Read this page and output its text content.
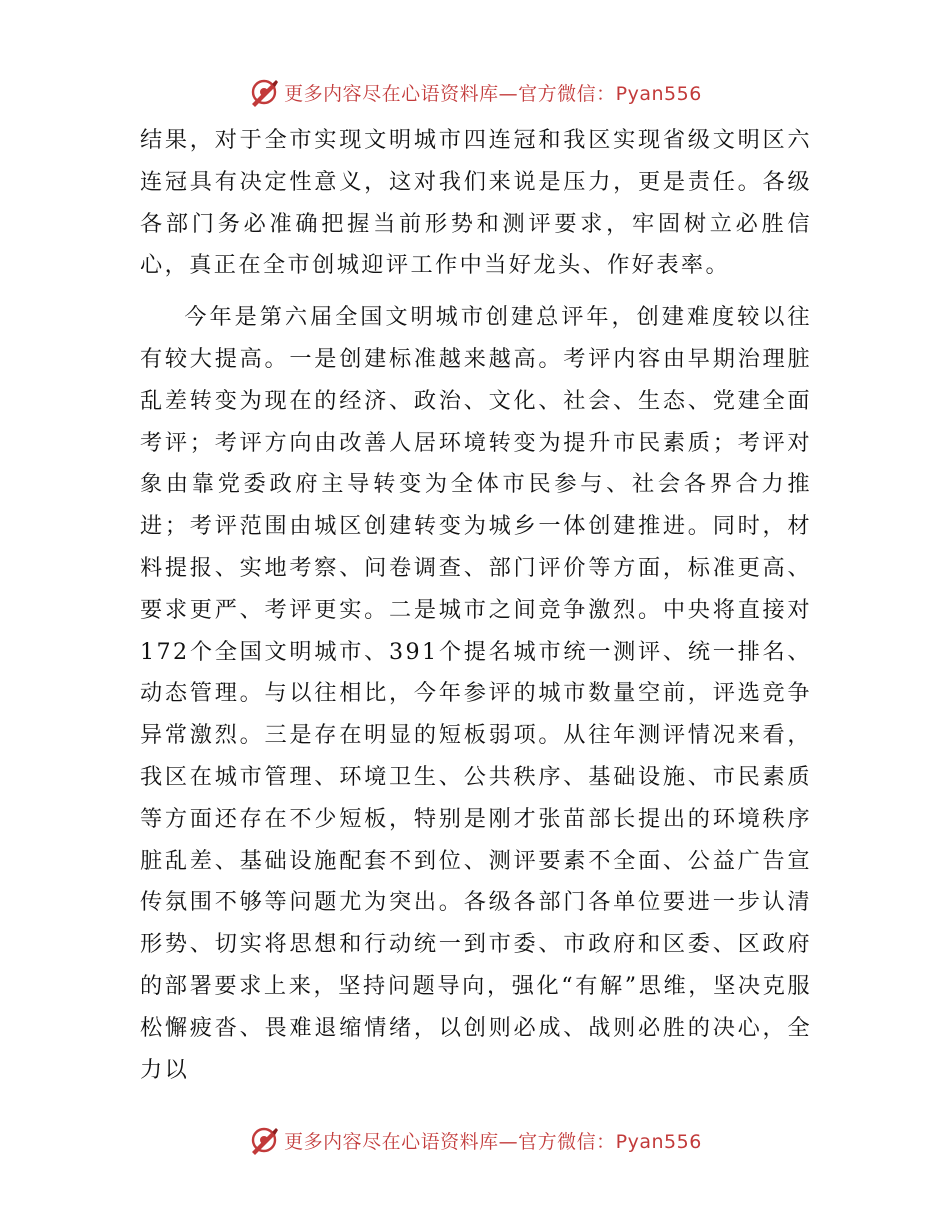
更多内容尽在心语资料库—官方微信：Pyan556

结果，对于全市实现文明城市四连冠和我区实现省级文明区六连冠具有决定性意义，这对我们来说是压力，更是责任。各级各部门务必准确把握当前形势和测评要求，牢固树立必胜信心，真正在全市创城迎评工作中当好龙头、作好表率。

今年是第六届全国文明城市创建总评年，创建难度较以往有较大提高。一是创建标准越来越高。考评内容由早期治理脏乱差转变为现在的经济、政治、文化、社会、生态、党建全面考评；考评方向由改善人居环境转变为提升市民素质；考评对象由靠党委政府主导转变为全体市民参与、社会各界合力推进；考评范围由城区创建转变为城乡一体创建推进。同时，材料提报、实地考察、问卷调查、部门评价等方面，标准更高、要求更严、考评更实。二是城市之间竞争激烈。中央将直接对172个全国文明城市、391个提名城市统一测评、统一排名、动态管理。与以往相比，今年参评的城市数量空前，评选竞争异常激烈。三是存在明显的短板弱项。从往年测评情况来看，我区在城市管理、环境卫生、公共秩序、基础设施、市民素质等方面还存在不少短板，特别是刚才张苗部长提出的环境秩序脏乱差、基础设施配套不到位、测评要素不全面、公益广告宣传氛围不够等问题尤为突出。各级各部门各单位要进一步认清形势、切实将思想和行动统一到市委、市政府和区委、区政府的部署要求上来，坚持问题导向，强化“有解”思维，坚决克服松懈疲沓、畏难退缩情绪，以创则必成、战则必胜的决心，全力以

更多内容尽在心语资料库—官方微信：Pyan556
